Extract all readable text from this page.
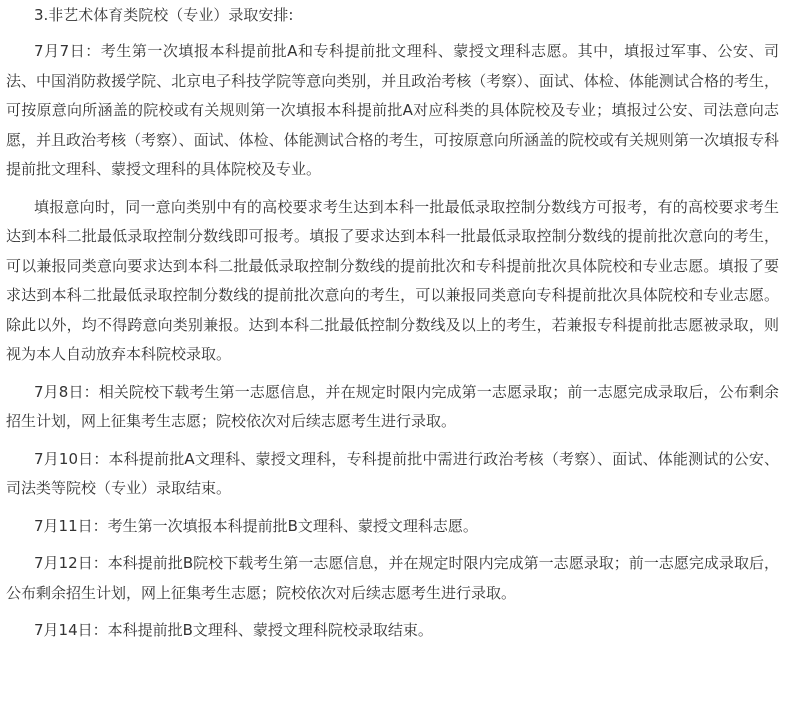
3.非艺术体育类院校（专业）录取安排:

7月7日：考生第一次填报本科提前批A和专科提前批文理科、蒙授文理科志愿。其中，填报过军事、公安、司法、中国消防救援学院、北京电子科技学院等意向类别，并且政治考核（考察）、面试、体检、体能测试合格的考生，可按原意向所涵盖的院校或有关规则第一次填报本科提前批A对应科类的具体院校及专业；填报过公安、司法意向志愿，并且政治考核（考察）、面试、体检、体能测试合格的考生，可按原意向所涵盖的院校或有关规则第一次填报专科提前批文理科、蒙授文理科的具体院校及专业。

填报意向时，同一意向类别中有的高校要求考生达到本科一批最低录取控制分数线方可报考，有的高校要求考生达到本科二批最低录取控制分数线即可报考。填报了要求达到本科一批最低录取控制分数线的提前批次意向的考生，可以兼报同类意向要求达到本科二批最低录取控制分数线的提前批次和专科提前批次具体院校和专业志愿。填报了要求达到本科二批最低录取控制分数线的提前批次意向的考生，可以兼报同类意向专科提前批次具体院校和专业志愿。除此以外，均不得跨意向类别兼报。达到本科二批最低控制分数线及以上的考生，若兼报专科提前批志愿被录取，则视为本人自动放弃本科院校录取。

7月8日：相关院校下载考生第一志愿信息，并在规定时限内完成第一志愿录取；前一志愿完成录取后，公布剩余招生计划，网上征集考生志愿；院校依次对后续志愿考生进行录取。

7月10日：本科提前批A文理科、蒙授文理科，专科提前批中需进行政治考核（考察）、面试、体能测试的公安、司法类等院校（专业）录取结束。

7月11日：考生第一次填报本科提前批B文理科、蒙授文理科志愿。

7月12日：本科提前批B院校下载考生第一志愿信息，并在规定时限内完成第一志愿录取；前一志愿完成录取后，公布剩余招生计划，网上征集考生志愿；院校依次对后续志愿考生进行录取。

7月14日：本科提前批B文理科、蒙授文理科院校录取结束。
